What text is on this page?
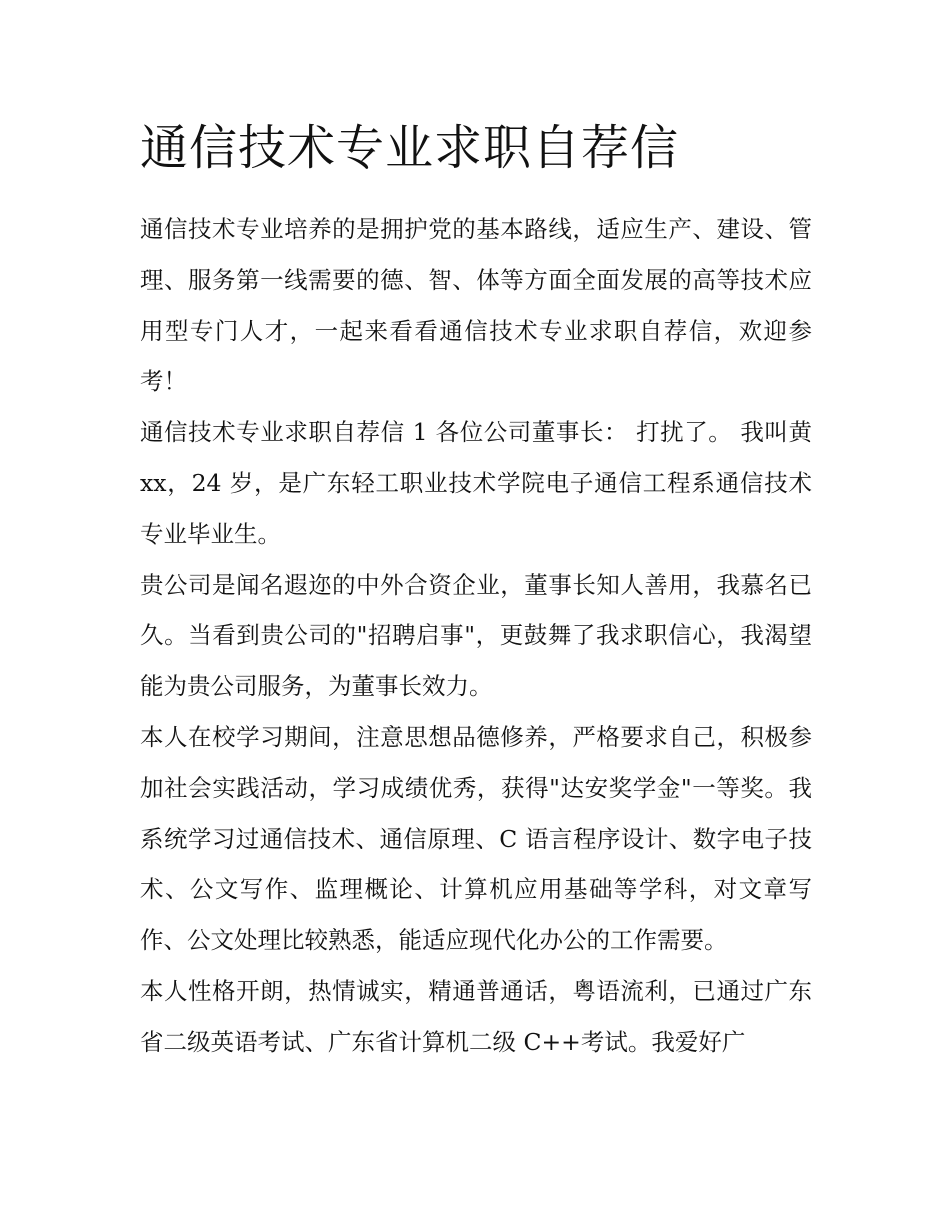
通信技术专业求职自荐信

通信技术专业培养的是拥护党的基本路线，适应生产、建设、管理、服务第一线需要的德、智、体等方面全面发展的高等技术应用型专门人才，一起来看看通信技术专业求职自荐信，欢迎参考！

通信技术专业求职自荐信 1 各位公司董事长： 打扰了。 我叫黄 xx，24 岁，是广东轻工职业技术学院电子通信工程系通信技术专业毕业生。

贵公司是闻名遐迩的中外合资企业，董事长知人善用，我慕名已久。当看到贵公司的"招聘启事"，更鼓舞了我求职信心，我渴望能为贵公司服务，为董事长效力。

本人在校学习期间，注意思想品德修养，严格要求自己，积极参加社会实践活动，学习成绩优秀，获得"达安奖学金"一等奖。我系统学习过通信技术、通信原理、C 语言程序设计、数字电子技术、公文写作、监理概论、计算机应用基础等学科，对文章写作、公文处理比较熟悉，能适应现代化办公的工作需要。

本人性格开朗，热情诚实，精通普通话，粤语流利，已通过广东省二级英语考试、广东省计算机二级 C++考试。我爱好广
